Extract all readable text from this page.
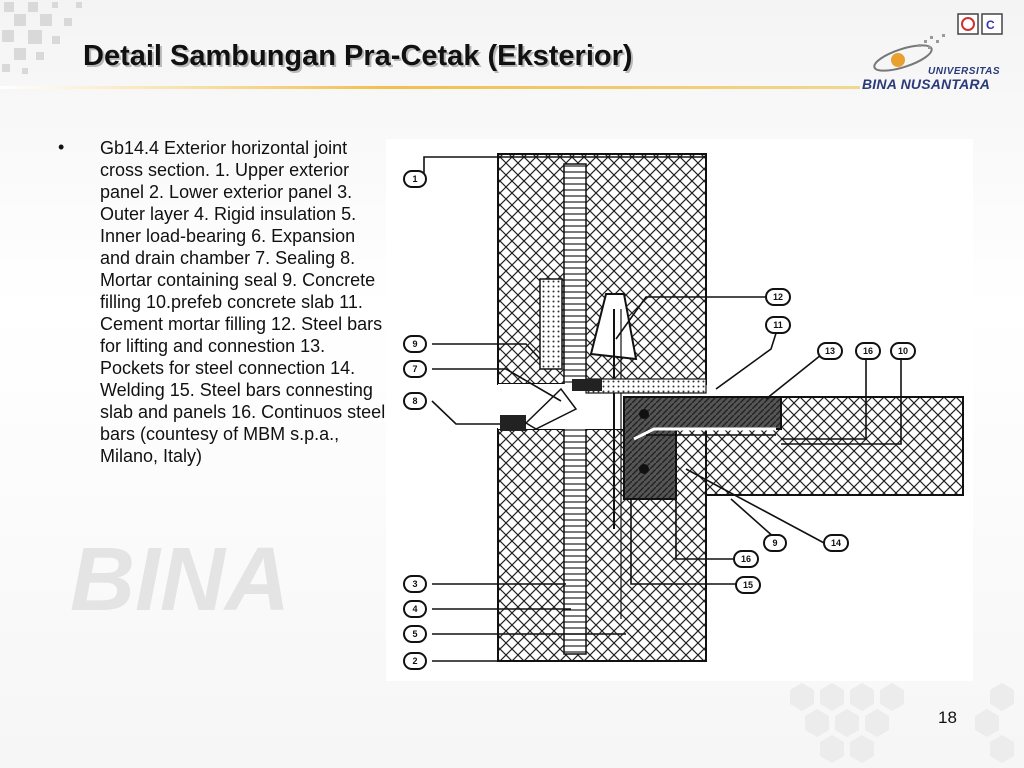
Detail Sambungan Pra-Cetak (Eksterior)
C
UNIVERSITAS
BINA NUSANTARA
BINA
• Gb14.4 Exterior horizontal joint cross section. 1. Upper exterior panel 2. Lower exterior panel 3. Outer layer 4. Rigid insulation 5. Inner load-bearing 6. Expansion and drain chamber 7. Sealing 8. Mortar containing seal 9. Concrete filling 10.prefeb concrete slab 11. Cement mortar filling 12. Steel bars for lifting and connestion 13. Pockets for steel connection 14. Welding 15. Steel bars connesting slab and panels 16. Continuos steel bars (countesy of MBM s.p.a., Milano, Italy)
1
9
7
8
3
4
5
2
12
11
13	16	10
9	14
16
15
18
